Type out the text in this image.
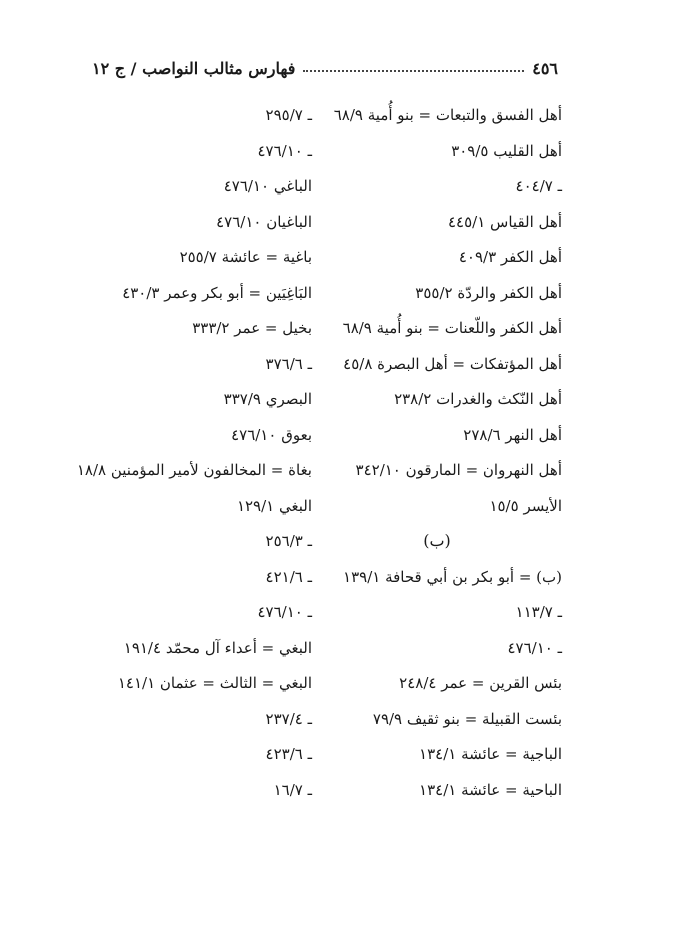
٤٥٦
فهارس مثالب النواصب / ج ١٢
أهل الفسق والتبعات = بنو أُمية ٦٨/٩
أهل القليب ٣٠٩/٥
ـ ٤٠٤/٧
أهل القياس ٤٤٥/١
أهل الكفر ٤٠٩/٣
أهل الكفر والردّة ٣٥٥/٢
أهل الكفر واللّعنات = بنو أُمية ٦٨/٩
أهل المؤتفكات = أهل البصرة ٤٥/٨
أهل النّكث والغدرات ٢٣٨/٢
أهل النهر ٢٧٨/٦
أهل النهروان = المارقون ٣٤٢/١٠
الأيسر ١٥/٥
(ب)
(ب) = أبو بكر بن أبي قحافة ١٣٩/١
ـ ١١٣/٧
ـ ٤٧٦/١٠
بئس القرين = عمر ٢٤٨/٤
بئست القبيلة = بنو ثقيف ٧٩/٩
الباجية = عائشة ١٣٤/١
الباحية = عائشة ١٣٤/١
ـ ٢٩٥/٧
ـ ٤٧٦/١٠
الباغي ٤٧٦/١٠
الباغيان ٤٧٦/١٠
باغية = عائشة ٢٥٥/٧
البَاغِيَين = أبو بكر وعمر ٤٣٠/٣
بخيل = عمر ٣٣٣/٢
ـ ٣٧٦/٦
البصري ٣٣٧/٩
بعوق ٤٧٦/١٠
بغاة = المخالفون لأمير المؤمنين ١٨/٨
البغي ١٢٩/١
ـ ٢٥٦/٣
ـ ٤٢١/٦
ـ ٤٧٦/١٠
البغي = أعداء آل محمّد ١٩١/٤
البغي = الثالث = عثمان ١٤١/١
ـ ٢٣٧/٤
ـ ٤٢٣/٦
ـ ١٦/٧
